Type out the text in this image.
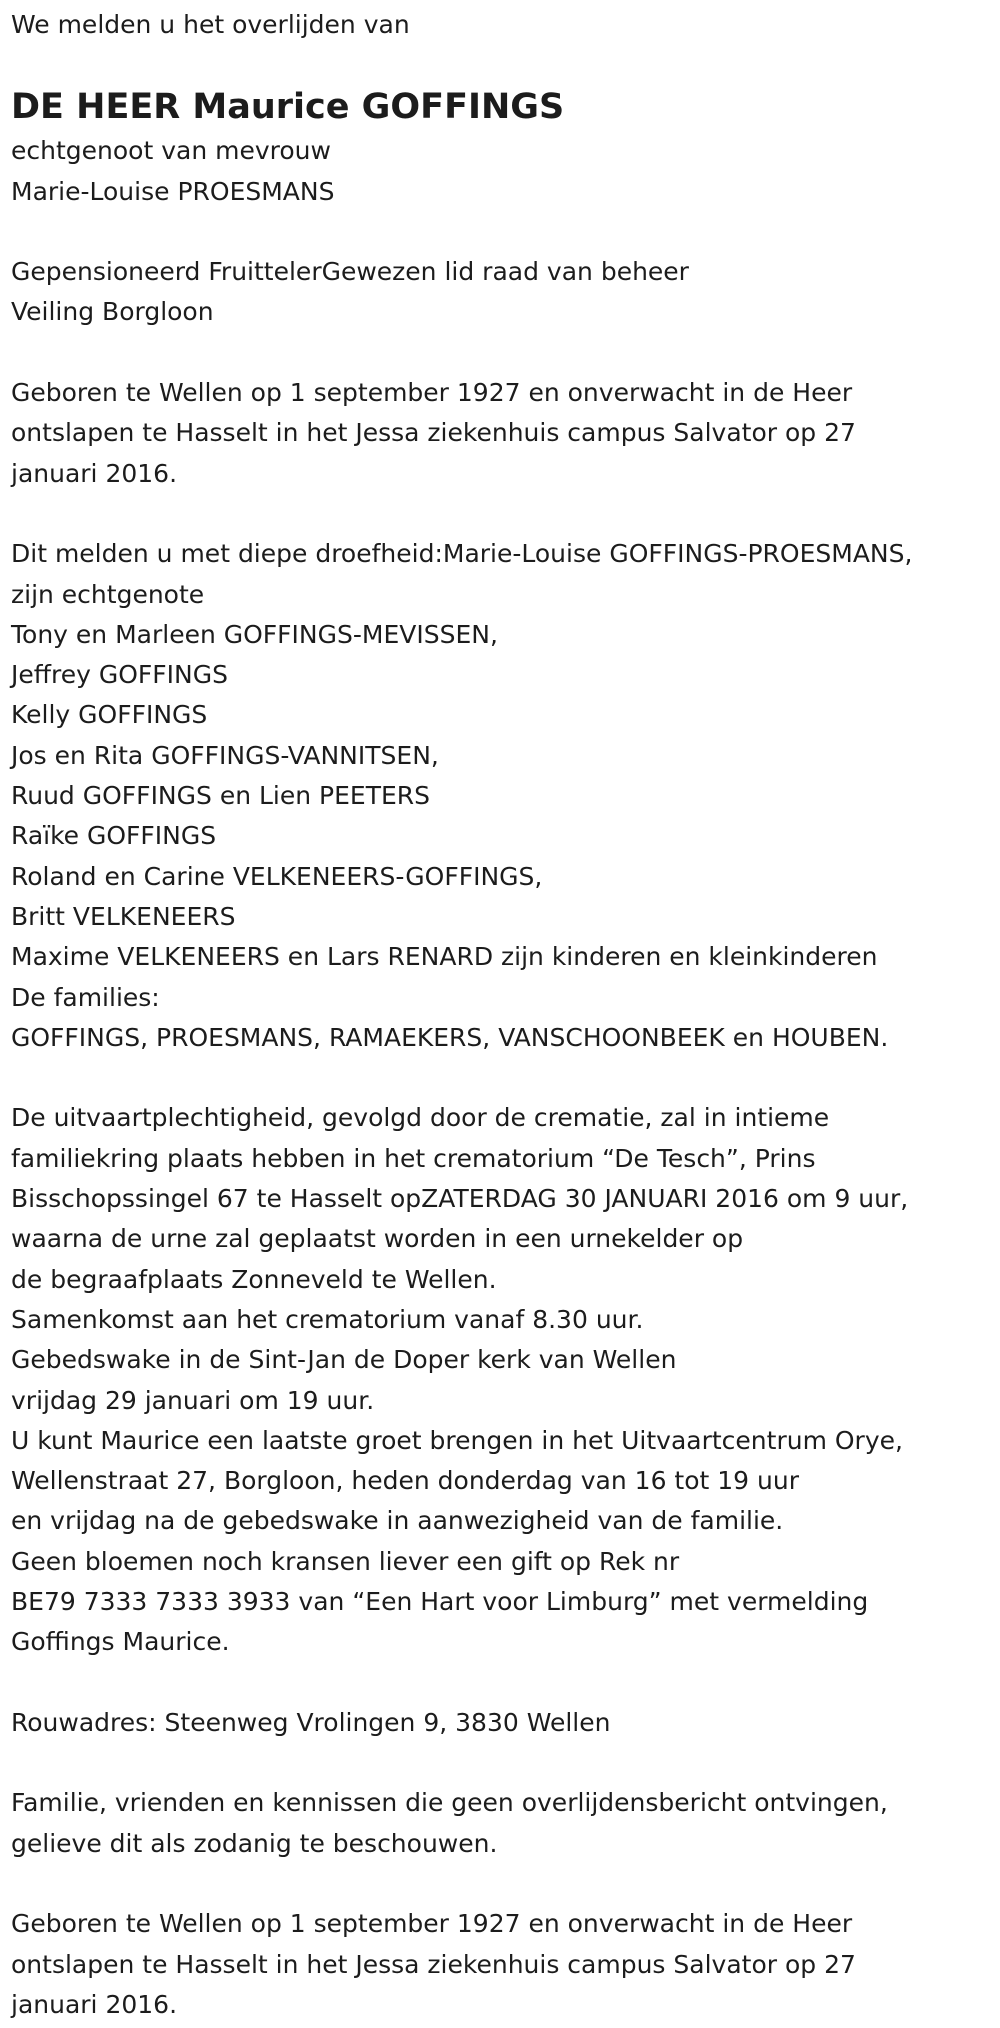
We melden u het overlijden van
DE HEER Maurice GOFFINGS
echtgenoot van mevrouw
Marie-Louise PROESMANS
Gepensioneerd FruittelerGewezen lid raad van beheer
Veiling Borgloon
Geboren te Wellen op 1 september 1927 en onverwacht in de Heer
ontslapen te Hasselt in het Jessa ziekenhuis campus Salvator op 27
januari 2016.
Dit melden u met diepe droefheid:Marie-Louise GOFFINGS-PROESMANS,
zijn echtgenote
Tony en Marleen GOFFINGS-MEVISSEN,
Jeffrey GOFFINGS
Kelly GOFFINGS
Jos en Rita GOFFINGS-VANNITSEN,
Ruud GOFFINGS en Lien PEETERS
Raïke GOFFINGS
Roland en Carine VELKENEERS-GOFFINGS,
Britt VELKENEERS
Maxime VELKENEERS en Lars RENARD zijn kinderen en kleinkinderen
De families:
GOFFINGS, PROESMANS, RAMAEKERS, VANSCHOONBEEK en HOUBEN.
De uitvaartplechtigheid, gevolgd door de crematie, zal in intieme
familiekring plaats hebben in het crematorium “De Tesch”, Prins
Bisschopssingel 67 te Hasselt opZATERDAG 30 JANUARI 2016 om 9 uur,
waarna de urne zal geplaatst worden in een urnekelder op
de begraafplaats Zonneveld te Wellen.
Samenkomst aan het crematorium vanaf 8.30 uur.
Gebedswake in de Sint-Jan de Doper kerk van Wellen
vrijdag 29 januari om 19 uur.
U kunt Maurice een laatste groet brengen in het Uitvaartcentrum Orye,
Wellenstraat 27, Borgloon, heden donderdag van 16 tot 19 uur
en vrijdag na de gebedswake in aanwezigheid van de familie.
Geen bloemen noch kransen liever een gift op Rek nr
BE79 7333 7333 3933 van “Een Hart voor Limburg” met vermelding
Goffings Maurice.
Rouwadres: Steenweg Vrolingen 9, 3830 Wellen
Familie, vrienden en kennissen die geen overlijdensbericht ontvingen,
gelieve dit als zodanig te beschouwen.
Geboren te Wellen op 1 september 1927 en onverwacht in de Heer
ontslapen te Hasselt in het Jessa ziekenhuis campus Salvator op 27
januari 2016.
